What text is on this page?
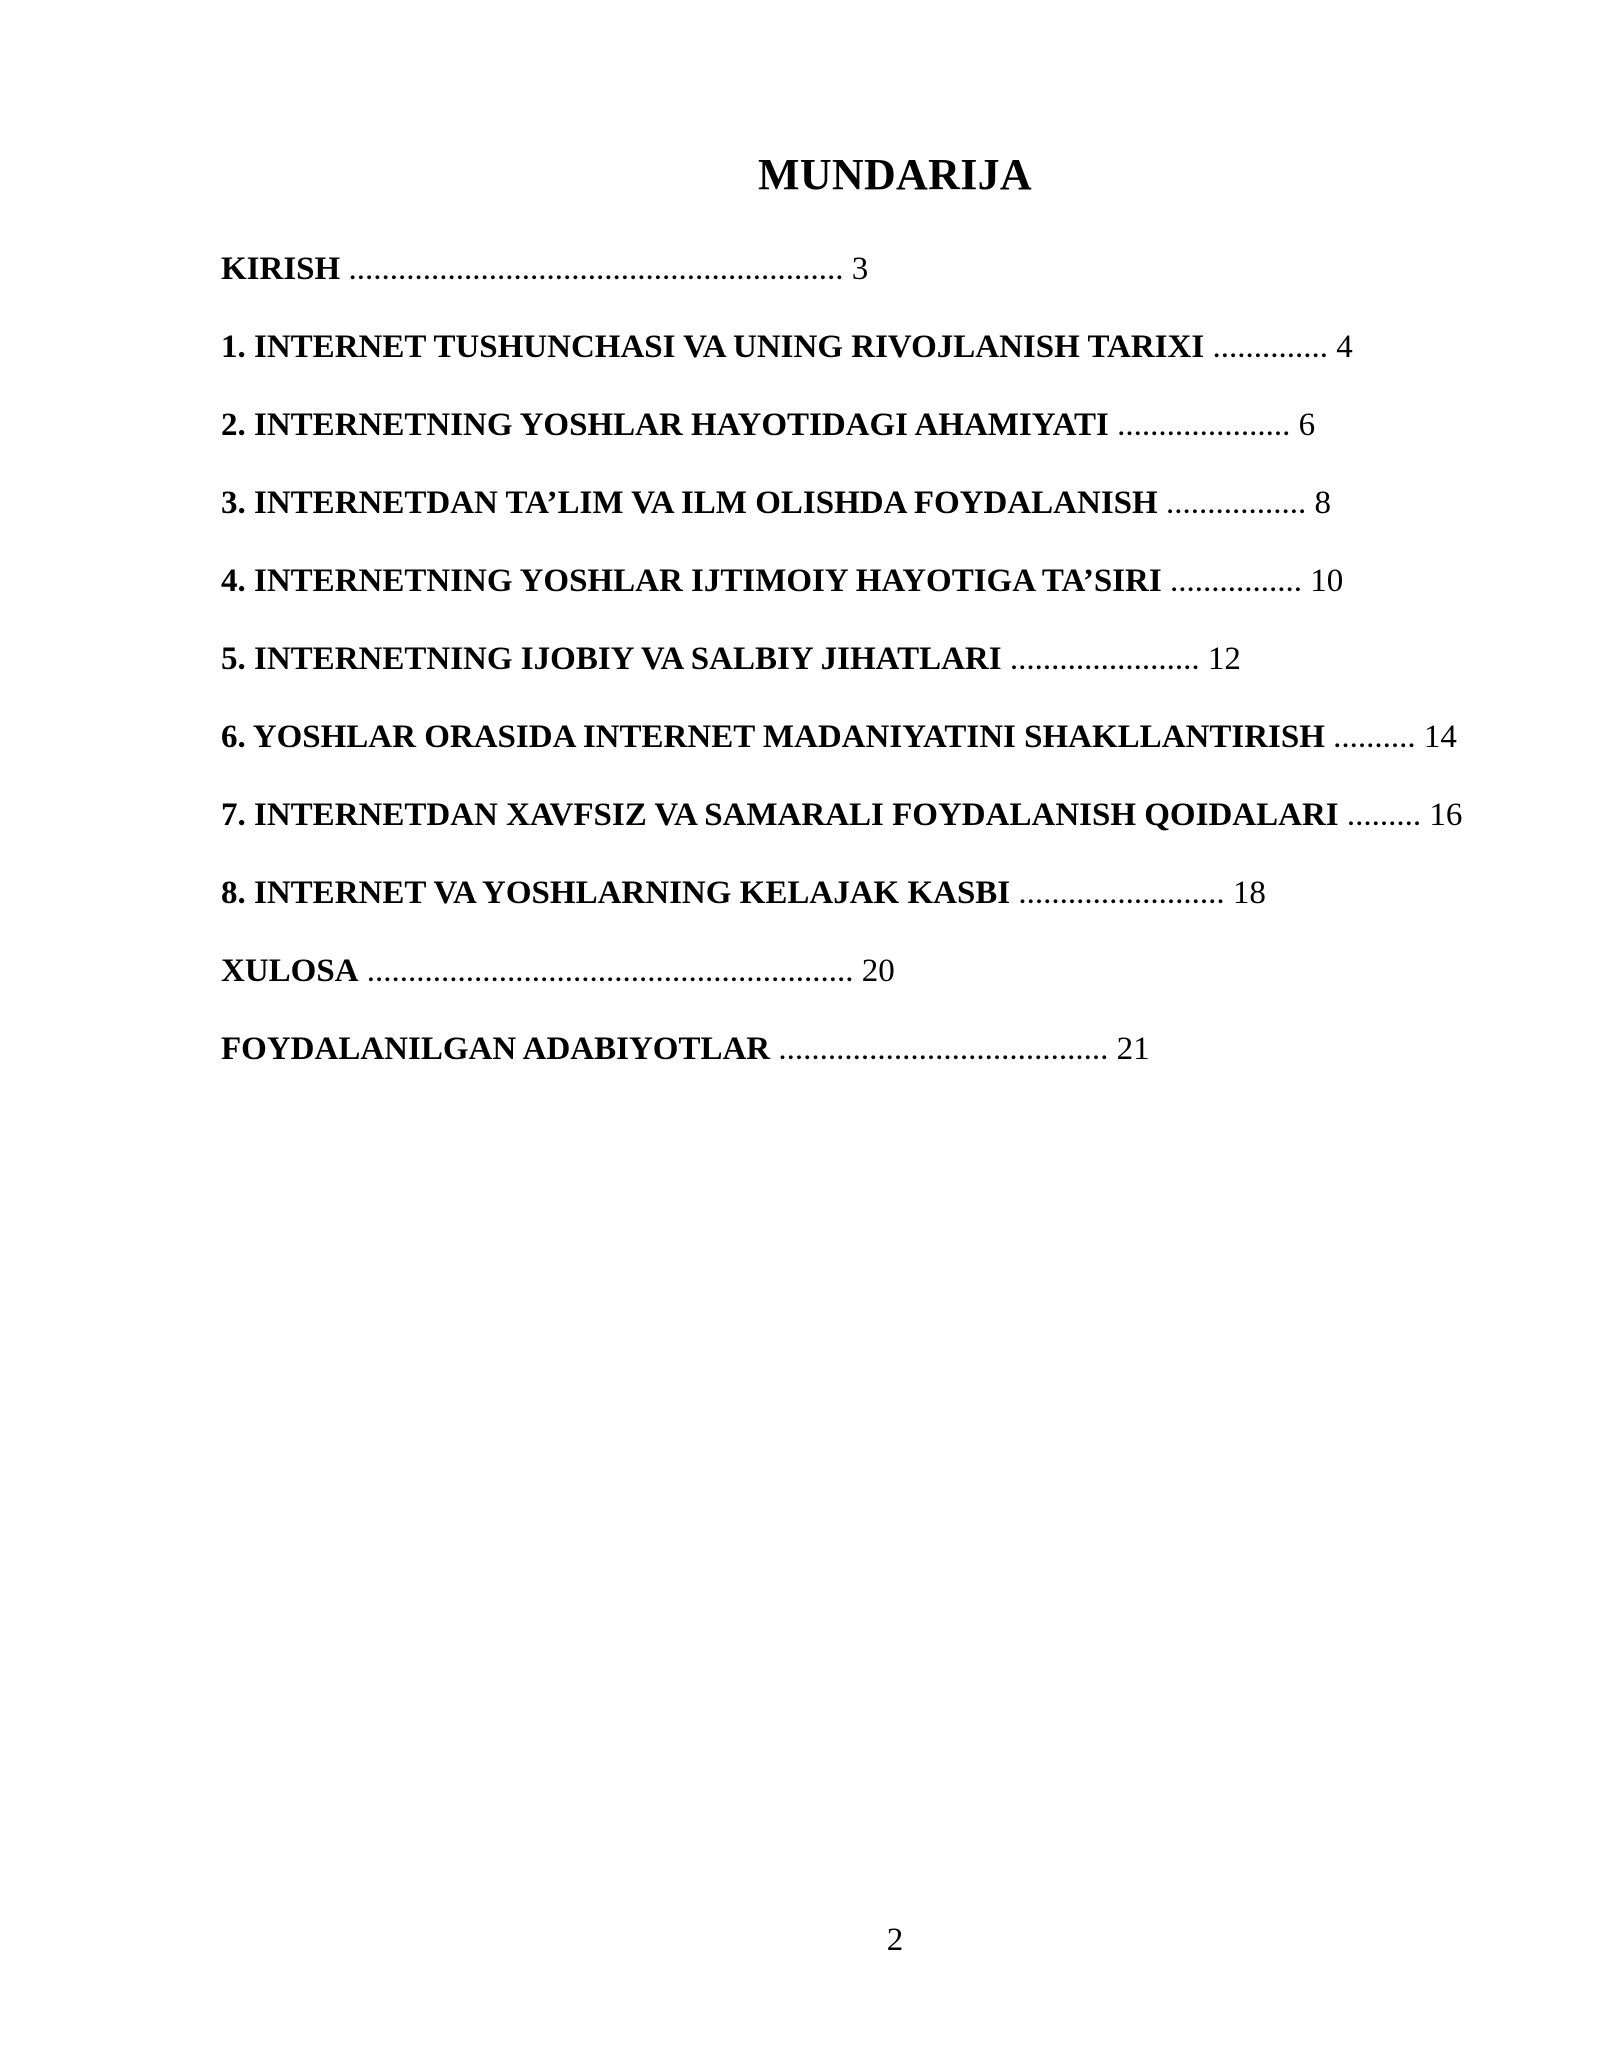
MUNDARIJA
KIRISH ............................................................ 3
1. INTERNET TUSHUNCHASI VA UNING RIVOJLANISH TARIXI .............. 4
2. INTERNETNING YOSHLAR HAYOTIDAGI AHAMIYATI ..................... 6
3. INTERNETDAN TA’LIM VA ILM OLISHDA FOYDALANISH ................. 8
4. INTERNETNING YOSHLAR IJTIMOIY HAYOTIGA TA’SIRI ................ 10
5. INTERNETNING IJOBIY VA SALBIY JIHATLARI ....................... 12
6. YOSHLAR ORASIDA INTERNET MADANIYATINI SHAKLLANTIRISH .......... 14
7. INTERNETDAN XAVFSIZ VA SAMARALI FOYDALANISH QOIDALARI ......... 16
8. INTERNET VA YOSHLARNING KELAJAK KASBI ......................... 18
XULOSA ........................................................... 20
FOYDALANILGAN ADABIYOTLAR ........................................ 21
2
